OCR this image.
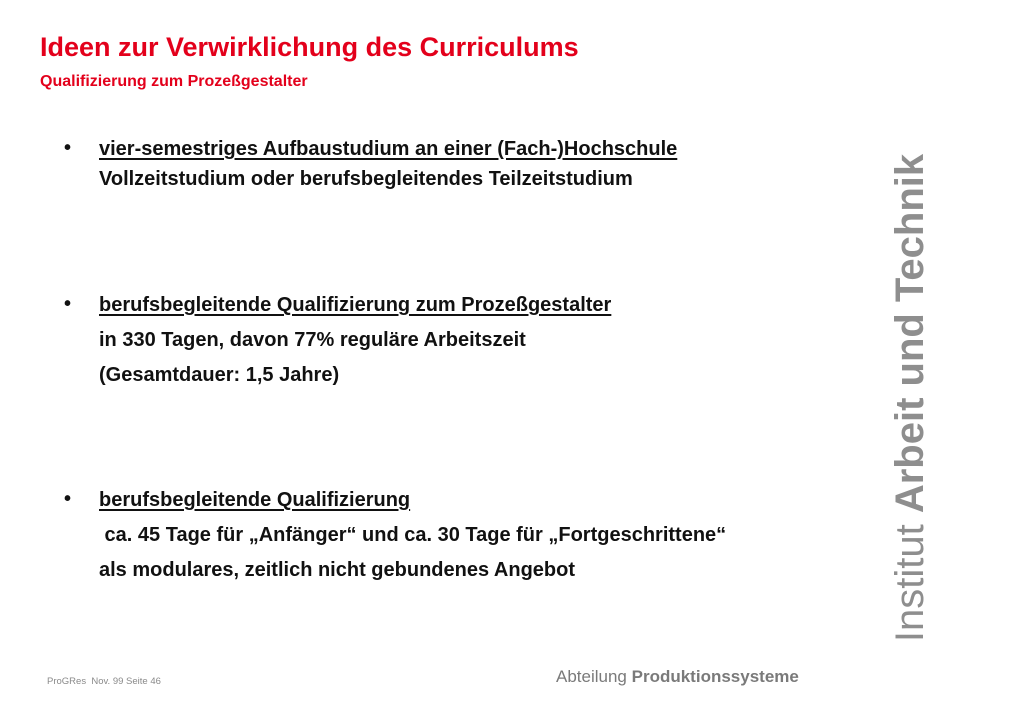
Ideen zur Verwirklichung des Curriculums
Qualifizierung zum Prozeßgestalter
• vier-semestriges Aufbaustudium an einer (Fach-)Hochschule

Vollzeitstudium oder berufsbegleitendes Teilzeitstudium

• berufsbegleitende Qualifizierung zum Prozeßgestalter

in 330 Tagen, davon 77% reguläre Arbeitszeit

(Gesamtdauer: 1,5 Jahre)

• berufsbegleitende Qualifizierung

ca. 45 Tage für „Anfänger“ und ca. 30 Tage für „Fortgeschrittene“

als modulares, zeitlich nicht gebundenes Angebot	Institut Arbeit und Technik
ProGRes  Nov. 99 Seite 46	Abteilung Produktionssysteme
